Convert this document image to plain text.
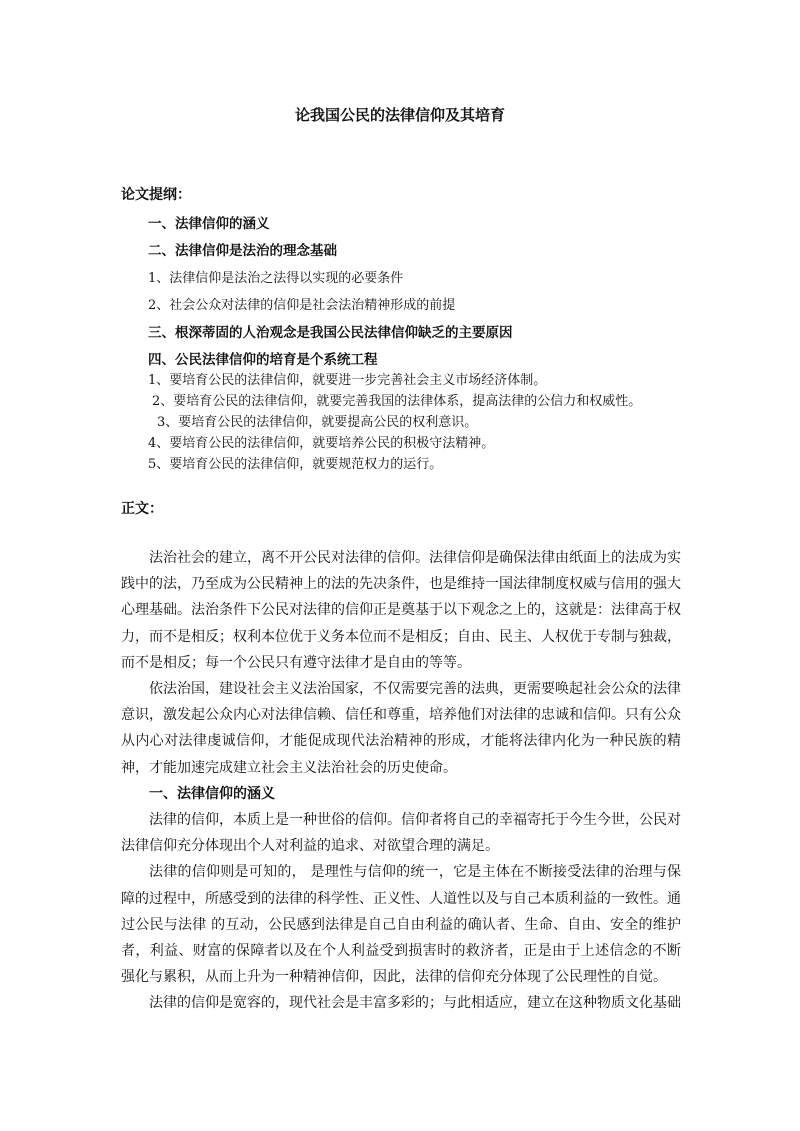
论我国公民的法律信仰及其培育
论文提纲：
一、法律信仰的涵义
二、法律信仰是法治的理念基础
1、法律信仰是法治之法得以实现的必要条件
2、社会公众对法律的信仰是社会法治精神形成的前提
三、根深蒂固的人治观念是我国公民法律信仰缺乏的主要原因
四、公民法律信仰的培育是个系统工程
1、要培育公民的法律信仰，就要进一步完善社会主义市场经济体制。
2、要培育公民的法律信仰，就要完善我国的法律体系，提高法律的公信力和权威性。
3、要培育公民的法律信仰，就要提高公民的权利意识。
4、要培育公民的法律信仰，就要培养公民的积极守法精神。
5、要培育公民的法律信仰，就要规范权力的运行。
正文：

法治社会的建立，离不开公民对法律的信仰。法律信仰是确保法律由纸面上的法成为实践中的法，乃至成为公民精神上的法的先决条件，也是维持一国法律制度权威与信用的强大心理基础。法治条件下公民对法律的信仰正是奠基于以下观念之上的，这就是：法律高于权力，而不是相反；权利本位优于义务本位而不是相反；自由、民主、人权优于专制与独裁，而不是相反；每一个公民只有遵守法律才是自由的等等。

依法治国，建设社会主义法治国家，不仅需要完善的法典，更需要唤起社会公众的法律意识，激发起公众内心对法律信赖、信任和尊重，培养他们对法律的忠诚和信仰。只有公众从内心对法律虔诚信仰，才能促成现代法治精神的形成，才能将法律内化为一种民族的精神，才能加速完成建立社会主义法治社会的历史使命。

一、法律信仰的涵义

法律的信仰，本质上是一种世俗的信仰。信仰者将自己的幸福寄托于今生今世，公民对法律信仰充分体现出个人对利益的追求、对欲望合理的满足。

法律的信仰则是可知的， 是理性与信仰的统一，它是主体在不断接受法律的治理与保障的过程中，所感受到的法律的科学性、正义性、人道性以及与自己本质利益的一致性。通过公民与法律 的互动，公民感到法律是自己自由利益的确认者、生命、自由、安全的维护者，利益、财富的保障者以及在个人利益受到损害时的救济者，正是由于上述信念的不断 强化与累积，从而上升为一种精神信仰，因此，法律的信仰充分体现了公民理性的自觉。

法律的信仰是宽容的，现代社会是丰富多彩的；与此相适应，建立在这种物质文化基础
